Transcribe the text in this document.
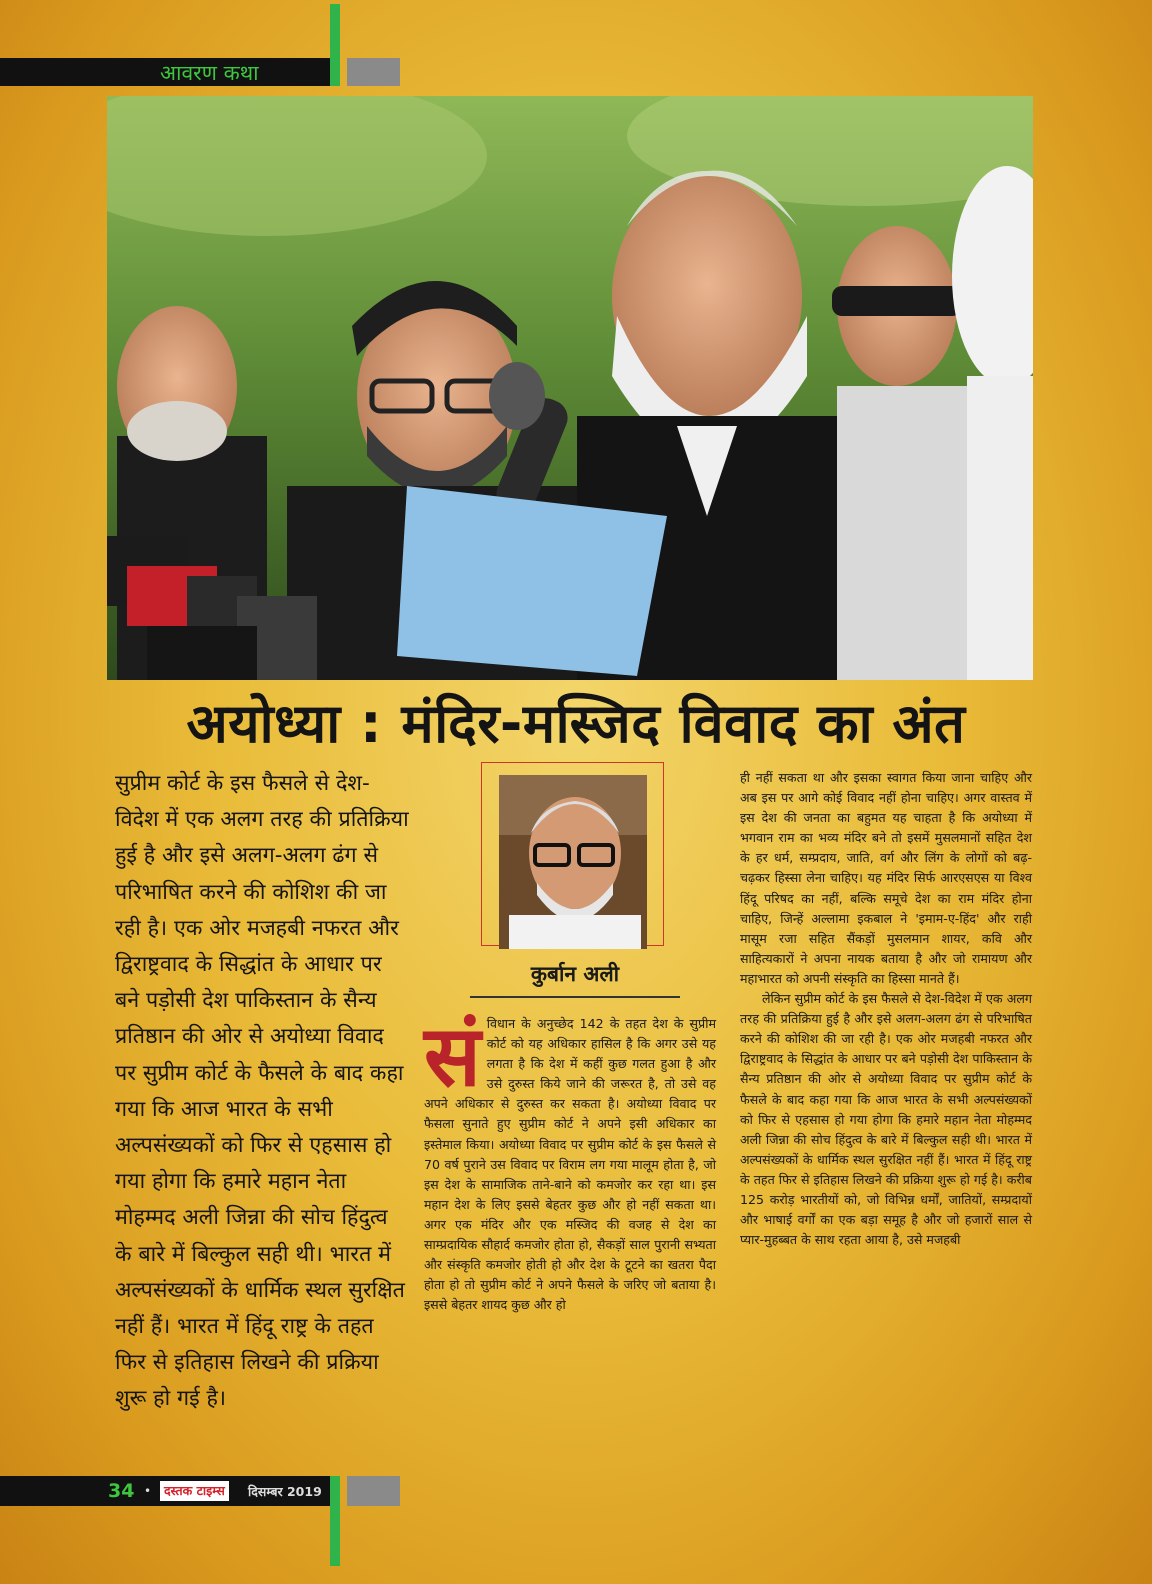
आवरण कथा
अयोध्या : मंदिर-मस्जिद विवाद का अंत

सुप्रीम कोर्ट के इस फैसले से देश-विदेश में एक अलग तरह की प्रतिक्रिया हुई है और इसे अलग-अलग ढंग से परिभाषित करने की कोशिश की जा रही है। एक ओर मजहबी नफरत और द्विराष्ट्रवाद के सिद्धांत के आधार पर बने पड़ोसी देश पाकिस्तान के सैन्य प्रतिष्ठान की ओर से अयोध्या विवाद पर सुप्रीम कोर्ट के फैसले के बाद कहा गया कि आज भारत के सभी अल्पसंख्यकों को फिर से एहसास हो गया होगा कि हमारे महान नेता मोहम्मद अली जिन्ना की सोच हिंदुत्व के बारे में बिल्कुल सही थी। भारत में अल्पसंख्यकों के धार्मिक स्थल सुरक्षित नहीं हैं। भारत में हिंदू राष्ट्र के तहत फिर से इतिहास लिखने की प्रक्रिया शुरू हो गई है।

कुर्बान अली
सं विधान के अनुच्छेद 142 के तहत देश के सुप्रीम कोर्ट को यह अधिकार हासिल है कि अगर उसे यह लगता है कि देश में कहीं कुछ गलत हुआ है और उसे दुरुस्त किये जाने की जरूरत है, तो उसे वह अपने अधिकार से दुरुस्त कर सकता है। अयोध्या विवाद पर फैसला सुनाते हुए सुप्रीम कोर्ट ने अपने इसी अधिकार का इस्तेमाल किया। अयोध्या विवाद पर सुप्रीम कोर्ट के इस फैसले से 70 वर्ष पुराने उस विवाद पर विराम लग गया मालूम होता है, जो इस देश के सामाजिक ताने-बाने को कमजोर कर रहा था। इस महान देश के लिए इससे बेहतर कुछ और हो नहीं सकता था। अगर एक मंदिर और एक मस्जिद की वजह से देश का साम्प्रदायिक सौहार्द कमजोर होता हो, सैकड़ों साल पुरानी सभ्यता और संस्कृति कमजोर होती हो और देश के टूटने का खतरा पैदा होता हो तो सुप्रीम कोर्ट ने अपने फैसले के जरिए जो बताया है। इससे बेहतर शायद कुछ और हो

ही नहीं सकता था और इसका स्वागत किया जाना चाहिए और अब इस पर आगे कोई विवाद नहीं होना चाहिए। अगर वास्तव में इस देश की जनता का बहुमत यह चाहता है कि अयोध्या में भगवान राम का भव्य मंदिर बने तो इसमें मुसलमानों सहित देश के हर धर्म, सम्प्रदाय, जाति, वर्ग और लिंग के लोगों को बढ़-चढ़कर हिस्सा लेना चाहिए। यह मंदिर सिर्फ आरएसएस या विश्व हिंदू परिषद का नहीं, बल्कि समूचे देश का राम मंदिर होना चाहिए, जिन्हें अल्लामा इकबाल ने 'इमाम-ए-हिंद' और राही मासूम रजा सहित सैंकड़ों मुसलमान शायर, कवि और साहित्यकारों ने अपना नायक बताया है और जो रामायण और महाभारत को अपनी संस्कृति का हिस्सा मानते हैं।

लेकिन सुप्रीम कोर्ट के इस फैसले से देश-विदेश में एक अलग तरह की प्रतिक्रिया हुई है और इसे अलग-अलग ढंग से परिभाषित करने की कोशिश की जा रही है। एक ओर मजहबी नफरत और द्विराष्ट्रवाद के सिद्धांत के आधार पर बने पड़ोसी देश पाकिस्तान के सैन्य प्रतिष्ठान की ओर से अयोध्या विवाद पर सुप्रीम कोर्ट के फैसले के बाद कहा गया कि आज भारत के सभी अल्पसंख्यकों को फिर से एहसास हो गया होगा कि हमारे महान नेता मोहम्मद अली जिन्ना की सोच हिंदुत्व के बारे में बिल्कुल सही थी। भारत में अल्पसंख्यकों के धार्मिक स्थल सुरक्षित नहीं हैं। भारत में हिंदू राष्ट्र के तहत फिर से इतिहास लिखने की प्रक्रिया शुरू हो गई है। करीब 125 करोड़ भारतीयों को, जो विभिन्न धर्मों, जातियों, सम्प्रदायों और भाषाई वर्गों का एक बड़ा समूह है और जो हजारों साल से प्यार-मुहब्बत के साथ रहता आया है, उसे मजहबी

34 •	दस्तक टाइम्स	दिसम्बर 2019
